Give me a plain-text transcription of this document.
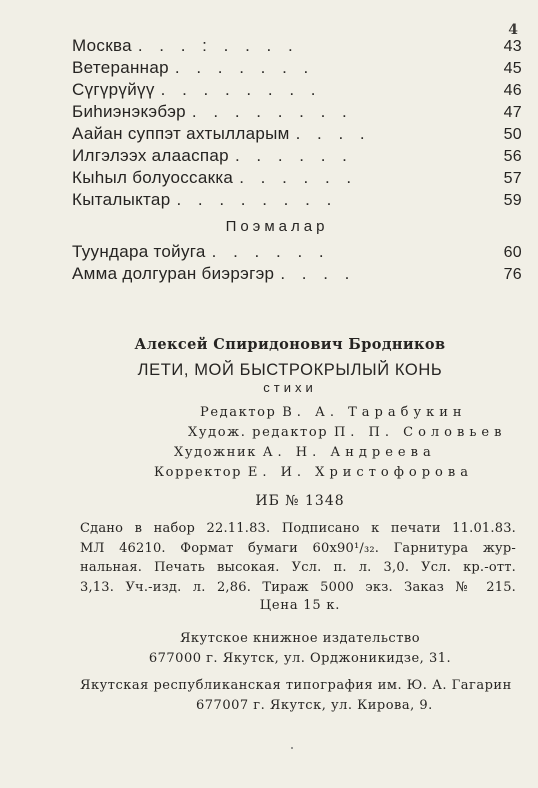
4
Москва . . . : . . . .	43
Ветераннар . . . . . . .	45
Сүгүрүйүү . . . . . . . .	46
Биһиэнэкэбэр . . . . . . . .	47
Аайан суппэт ахтылларым . . . .	50
Илгэлээх алааспар . . . . . .	56
Кыһыл болуоссакка . . . . . .	57
Кыталыктар . . . . . . . .	59
Поэмалар
Туундара тойуга . . . . . .	60
Амма долгуран биэрэгэр . . . .	76
Алексей Спиридонович Бродников
ЛЕТИ, МОЙ БЫСТРОКРЫЛЫЙ КОНЬ
стихи
Редактор В. А. Тарабукин
Худож. редактор П. П. Соловьев
Художник А. Н. Андреева
Корректор Е. И. Христофорова
ИБ № 1348
Сдано в набор 22.11.83. Подписано к печати 11.01.83.
МЛ 46210. Формат бумаги 60x90¹/₃₂. Гарнитура жур-
нальная. Печать высокая. Усл. п. л. 3,0. Усл. кр.-отт.
3,13. Уч.-изд. л. 2,86. Тираж 5000 экз. Заказ № 215.
Цена 15 к.
Якутское книжное издательство
677000 г. Якутск, ул. Орджоникидзе, 31.
Якутская республиканская типография им. Ю. А. Гагарин
677007 г. Якутск, ул. Кирова, 9.
